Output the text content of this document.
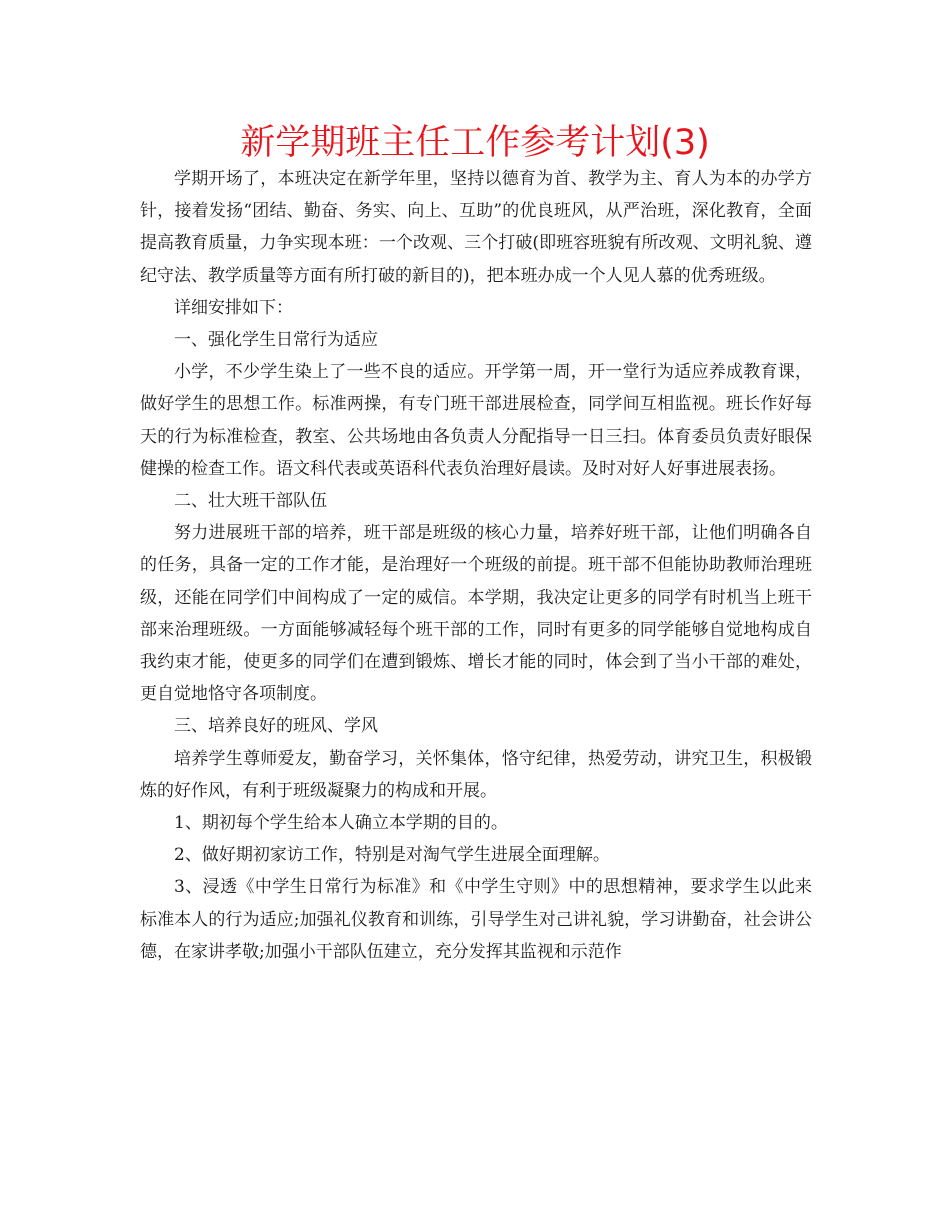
新学期班主任工作参考计划(3)

学期开场了，本班决定在新学年里，坚持以德育为首、教学为主、育人为本的办学方针，接着发扬“团结、勤奋、务实、向上、互助”的优良班风，从严治班，深化教育，全面提高教育质量，力争实现本班：一个改观、三个打破(即班容班貌有所改观、文明礼貌、遵纪守法、教学质量等方面有所打破的新目的)，把本班办成一个人见人慕的优秀班级。

详细安排如下：

一、强化学生日常行为适应

小学，不少学生染上了一些不良的适应。开学第一周，开一堂行为适应养成教育课，做好学生的思想工作。标准两操，有专门班干部进展检查，同学间互相监视。班长作好每天的行为标准检查，教室、公共场地由各负责人分配指导一日三扫。体育委员负责好眼保健操的检查工作。语文科代表或英语科代表负治理好晨读。及时对好人好事进展表扬。

二、壮大班干部队伍

努力进展班干部的培养，班干部是班级的核心力量，培养好班干部，让他们明确各自的任务，具备一定的工作才能，是治理好一个班级的前提。班干部不但能协助教师治理班级，还能在同学们中间构成了一定的威信。本学期，我决定让更多的同学有时机当上班干部来治理班级。一方面能够减轻每个班干部的工作，同时有更多的同学能够自觉地构成自我约束才能，使更多的同学们在遭到锻炼、增长才能的同时，体会到了当小干部的难处，更自觉地恪守各项制度。

三、培养良好的班风、学风

培养学生尊师爱友，勤奋学习，关怀集体，恪守纪律，热爱劳动，讲究卫生，积极锻炼的好作风，有利于班级凝聚力的构成和开展。

1、期初每个学生给本人确立本学期的目的。

2、做好期初家访工作，特别是对淘气学生进展全面理解。

3、浸透《中学生日常行为标准》和《中学生守则》中的思想精神，要求学生以此来标准本人的行为适应;加强礼仪教育和训练，引导学生对己讲礼貌，学习讲勤奋，社会讲公德，在家讲孝敬;加强小干部队伍建立，充分发挥其监视和示范作
